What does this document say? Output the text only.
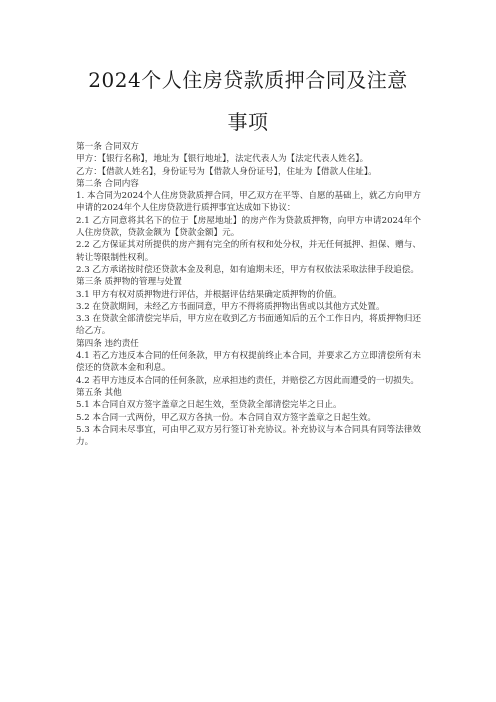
2024个人住房贷款质押合同及注意
事项

第一条 合同双方

甲方：【银行名称】，地址为【银行地址】，法定代表人为【法定代表人姓名】。

乙方：【借款人姓名】，身份证号为【借款人身份证号】，住址为【借款人住址】。

第二条 合同内容

1. 本合同为2024个人住房贷款质押合同，甲乙双方在平等、自愿的基础上，就乙方向甲方申请的2024年个人住房贷款进行质押事宜达成如下协议：

2.1 乙方同意将其名下的位于【房屋地址】的房产作为贷款质押物，向甲方申请2024年个人住房贷款，贷款金额为【贷款金额】元。

2.2 乙方保证其对所提供的房产拥有完全的所有权和处分权，并无任何抵押、担保、赠与、转让等限制性权利。

2.3 乙方承诺按时偿还贷款本金及利息，如有逾期未还，甲方有权依法采取法律手段追偿。

第三条 质押物的管理与处置

3.1 甲方有权对质押物进行评估，并根据评估结果确定质押物的价值。

3.2 在贷款期间，未经乙方书面同意，甲方不得将质押物出售或以其他方式处置。

3.3 在贷款全部清偿完毕后，甲方应在收到乙方书面通知后的五个工作日内，将质押物归还给乙方。

第四条 违约责任

4.1 若乙方违反本合同的任何条款，甲方有权提前终止本合同，并要求乙方立即清偿所有未偿还的贷款本金和利息。

4.2 若甲方违反本合同的任何条款，应承担违约责任，并赔偿乙方因此而遭受的一切损失。

第五条 其他

5.1 本合同自双方签字盖章之日起生效，至贷款全部清偿完毕之日止。

5.2 本合同一式两份，甲乙双方各执一份。本合同自双方签字盖章之日起生效。

5.3 本合同未尽事宜，可由甲乙双方另行签订补充协议。补充协议与本合同具有同等法律效力。
